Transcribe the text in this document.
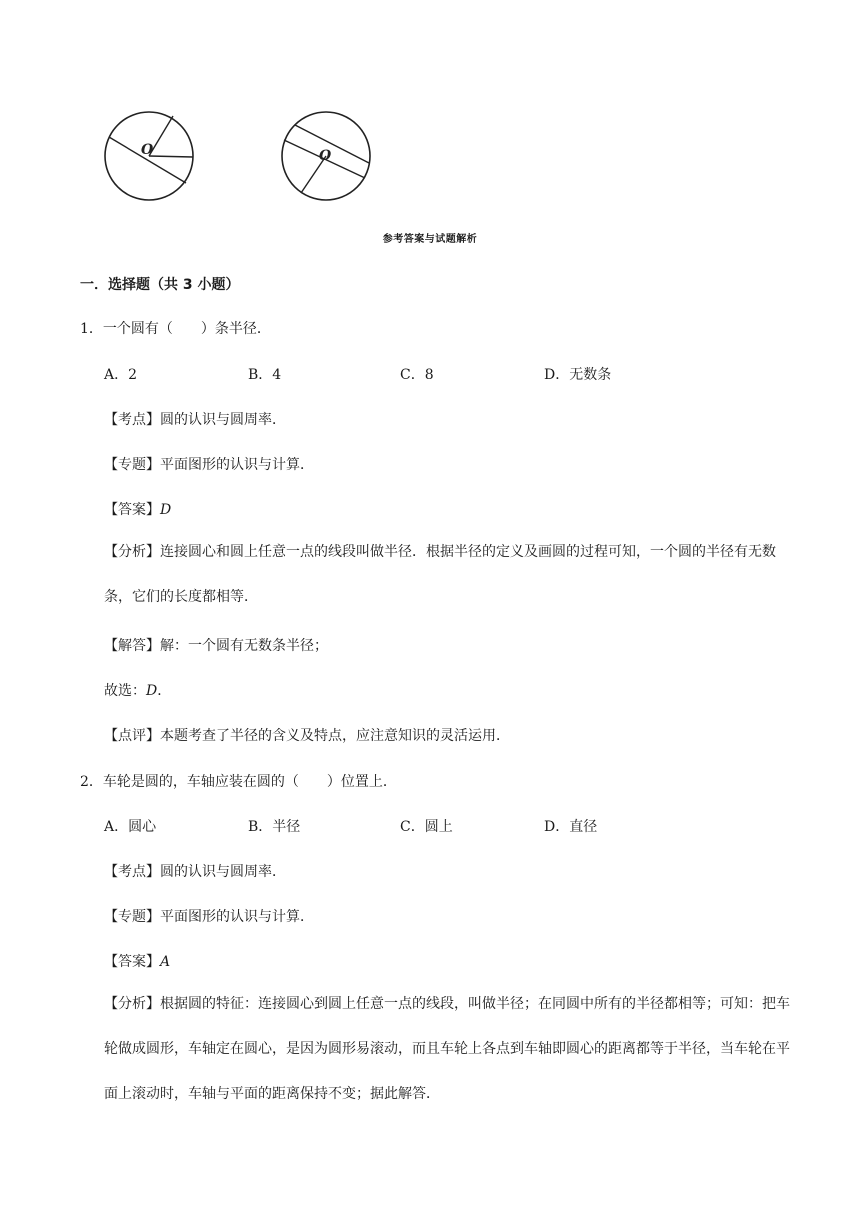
O	O
参考答案与试题解析
一．选择题（共 3 小题）
1．一个圆有（　　）条半径．
A．2	B．4	C．8	D．无数条
【考点】圆的认识与圆周率．
【专题】平面图形的认识与计算．
【答案】D
【分析】连接圆心和圆上任意一点的线段叫做半径．根据半径的定义及画圆的过程可知，一个圆的半径有无数条，它们的长度都相等．
【解答】解：一个圆有无数条半径；
故选：D．
【点评】本题考查了半径的含义及特点，应注意知识的灵活运用．
2．车轮是圆的，车轴应装在圆的（　　）位置上．
A．圆心	B．半径	C．圆上	D．直径
【考点】圆的认识与圆周率．
【专题】平面图形的认识与计算．
【答案】A
【分析】根据圆的特征：连接圆心到圆上任意一点的线段，叫做半径；在同圆中所有的半径都相等；可知：把车轮做成圆形，车轴定在圆心，是因为圆形易滚动，而且车轮上各点到车轴即圆心的距离都等于半径，当车轮在平面上滚动时，车轴与平面的距离保持不变；据此解答．
